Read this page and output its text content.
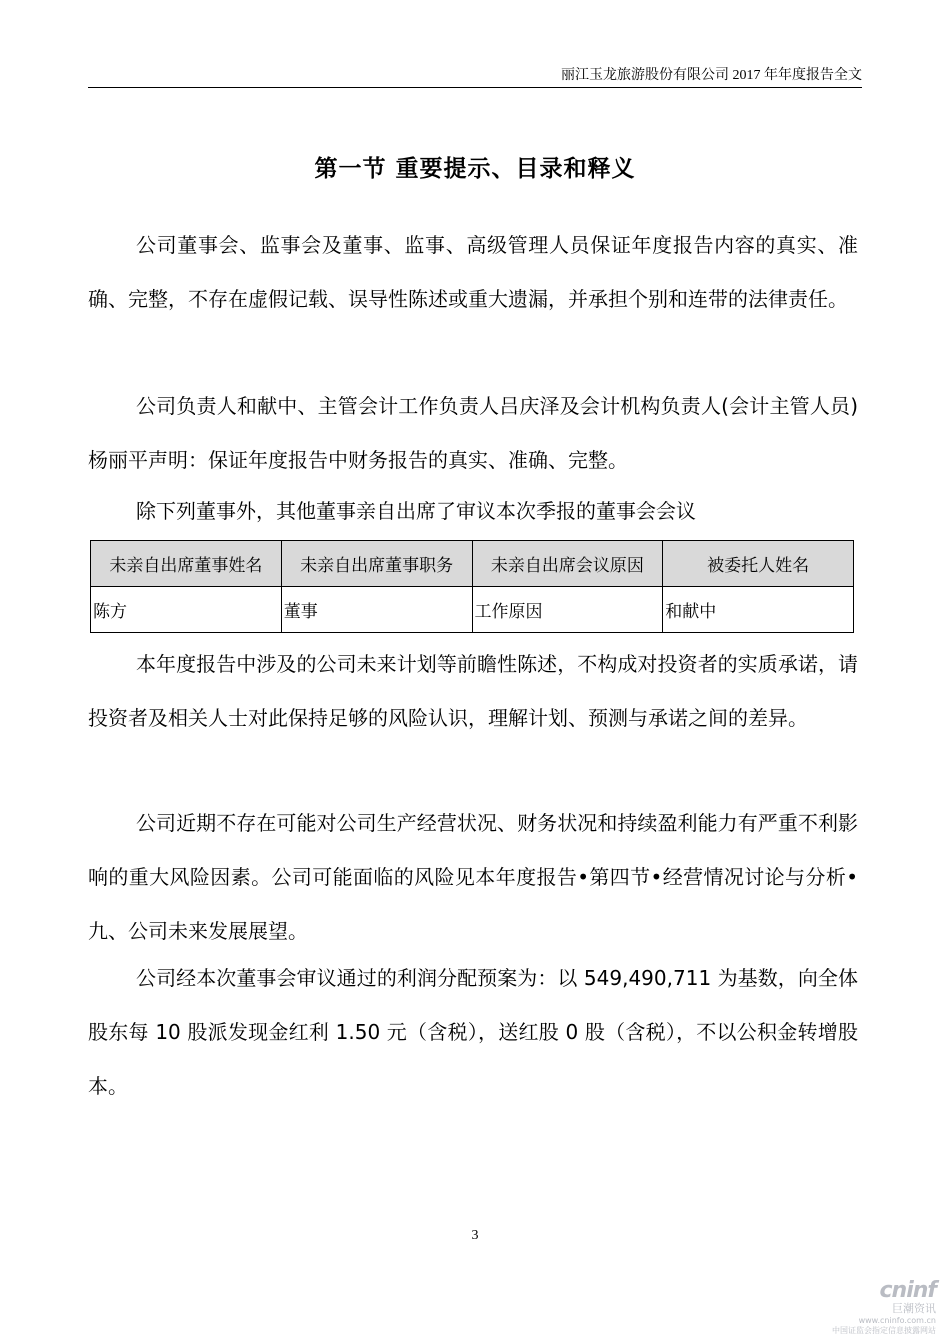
丽江玉龙旅游股份有限公司 2017 年年度报告全文
第一节 重要提示、目录和释义
公司董事会、监事会及董事、监事、高级管理人员保证年度报告内容的真实、准确、完整，不存在虚假记载、误导性陈述或重大遗漏，并承担个别和连带的法律责任。
公司负责人和献中、主管会计工作负责人吕庆泽及会计机构负责人(会计主管人员)杨丽平声明：保证年度报告中财务报告的真实、准确、完整。
除下列董事外，其他董事亲自出席了审议本次季报的董事会会议
未亲自出席董事姓名	未亲自出席董事职务	未亲自出席会议原因	被委托人姓名
陈方	董事	工作原因	和献中
本年度报告中涉及的公司未来计划等前瞻性陈述，不构成对投资者的实质承诺，请投资者及相关人士对此保持足够的风险认识，理解计划、预测与承诺之间的差异。
公司近期不存在可能对公司生产经营状况、财务状况和持续盈利能力有严重不利影响的重大风险因素。公司可能面临的风险见本年度报告•第四节•经营情况讨论与分析•九、公司未来发展展望。
公司经本次董事会审议通过的利润分配预案为：以 549,490,711 为基数，向全体股东每 10 股派发现金红利 1.50 元（含税），送红股 0 股（含税），不以公积金转增股本。
3
cninf
巨潮资讯
www.cninfo.com.cn
中国证监会指定信息披露网站
